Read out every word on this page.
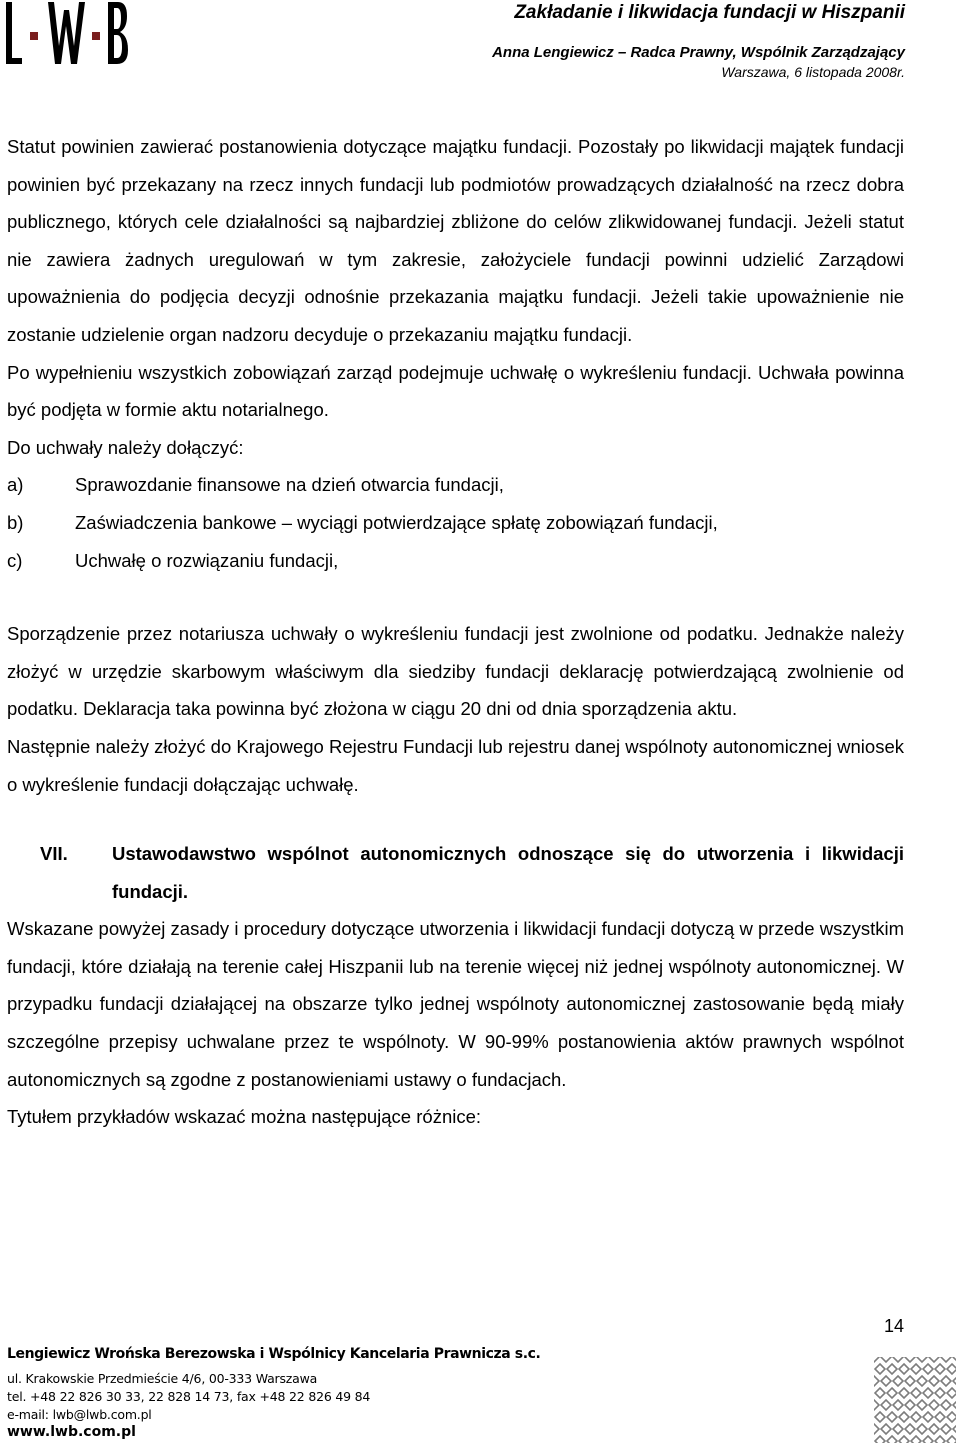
Zakładanie i likwidacja fundacji w Hiszpanii
Anna Lengiewicz – Radca Prawny, Wspólnik Zarządzający
Warszawa, 6 listopada 2008r.

Statut powinien zawierać postanowienia dotyczące majątku fundacji. Pozostały po likwidacji majątek fundacji powinien być przekazany na rzecz innych fundacji lub podmiotów prowadzących działalność na rzecz dobra publicznego, których cele działalności są najbardziej zbliżone do celów zlikwidowanej fundacji. Jeżeli statut nie zawiera żadnych uregulowań w tym zakresie, założyciele fundacji powinni udzielić Zarządowi upoważnienia do podjęcia decyzji odnośnie przekazania majątku fundacji. Jeżeli takie upoważnienie nie zostanie udzielenie organ nadzoru decyduje o przekazaniu majątku fundacji.

Po wypełnieniu wszystkich zobowiązań zarząd podejmuje uchwałę o wykreśleniu fundacji. Uchwała powinna być podjęta w formie aktu notarialnego.

Do uchwały należy dołączyć:

a)	Sprawozdanie finansowe na dzień otwarcia fundacji,
b)	Zaświadczenia bankowe – wyciągi potwierdzające spłatę zobowiązań fundacji,
c)	Uchwałę o rozwiązaniu fundacji,

Sporządzenie przez notariusza uchwały o wykreśleniu fundacji jest zwolnione od podatku. Jednakże należy złożyć w urzędzie skarbowym właściwym dla siedziby fundacji deklarację potwierdzającą zwolnienie od podatku. Deklaracja taka powinna być złożona w ciągu 20 dni od dnia sporządzenia aktu.

Następnie należy złożyć do Krajowego Rejestru Fundacji lub rejestru danej wspólnoty autonomicznej wniosek o wykreślenie fundacji dołączając uchwałę.

VII.	Ustawodawstwo wspólnot autonomicznych odnoszące się do utworzenia i likwidacji fundacji.

Wskazane powyżej zasady i procedury dotyczące utworzenia i likwidacji fundacji dotyczą w przede wszystkim fundacji, które działają na terenie całej Hiszpanii lub na terenie więcej niż jednej wspólnoty autonomicznej. W przypadku fundacji działającej na obszarze tylko jednej wspólnoty autonomicznej zastosowanie będą miały szczególne przepisy uchwalane przez te wspólnoty. W 90-99% postanowienia aktów prawnych wspólnot autonomicznych są zgodne z postanowieniami ustawy o fundacjach.

Tytułem przykładów wskazać można następujące różnice:

14
Lengiewicz Wrońska Berezowska i Wspólnicy Kancelaria Prawnicza s.c.
ul. Krakowskie Przedmieście 4/6, 00-333 Warszawa
tel. +48 22 826 30 33, 22 828 14 73, fax +48 22 826 49 84
e-mail: lwb@lwb.com.pl
www.lwb.com.pl
